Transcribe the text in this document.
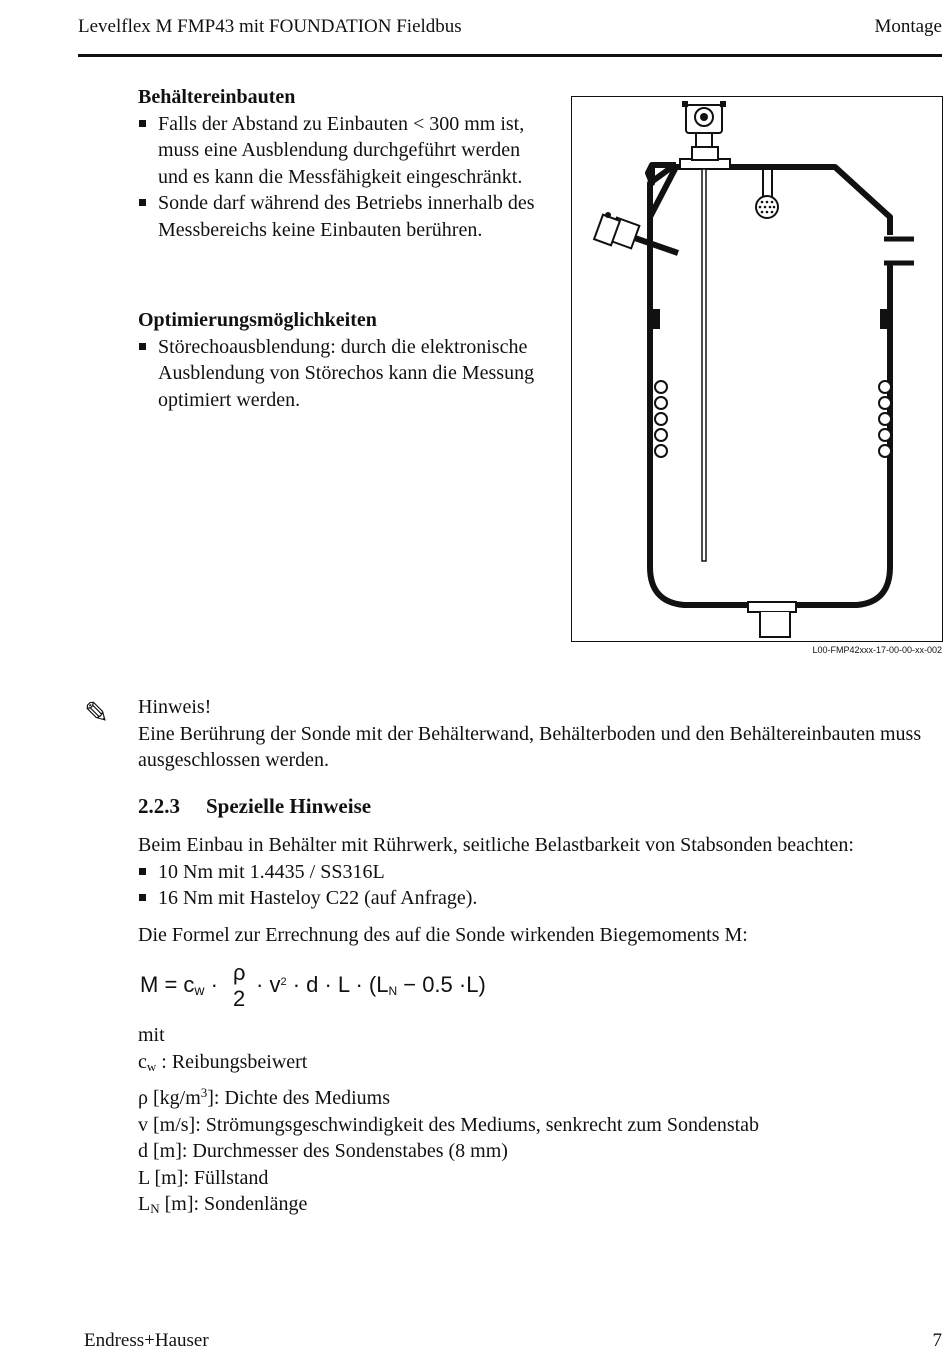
Levelflex M FMP43 mit FOUNDATION Fieldbus	Montage
Behältereinbauten
Falls der Abstand zu Einbauten < 300 mm ist, muss eine Ausblendung durchgeführt werden und es kann die Messfähigkeit eingeschränkt.
Sonde darf während des Betriebs innerhalb des Messbereichs keine Einbauten berühren.
Optimierungsmöglichkeiten
Störechoausblendung: durch die elektronische Ausblendung von Störechos kann die Messung optimiert werden.
L00-FMP42xxx-17-00-00-xx-002
✎ Hinweis!
Eine Berührung der Sonde mit der Behälterwand, Behälterboden und den Behältereinbauten muss ausgeschlossen werden.
2.2.3 Spezielle Hinweise
Beim Einbau in Behälter mit Rührwerk, seitliche Belastbarkeit von Stabsonden beachten:
10 Nm mit 1.4435 / SS316L
16 Nm mit Hasteloy C22 (auf Anfrage).
Die Formel zur Errechnung des auf die Sonde wirkenden Biegemoments M:
$M = c_w \cdot \rho$
2
· $v^2 \cdot d \cdot L \cdot (L_N - 0.5 \cdot L)$
mit
$c_w$ : Reibungsbeiwert
ρ $[kg/m^3]$: Dichte des Mediums
v [m/s]: Strömungsgeschwindigkeit des Mediums, senkrecht zum Sondenstab
d [m]: Durchmesser des Sondenstabes (8 mm)
L [m]: Füllstand
$L_N$ [m]: Sondenlänge
Endress+Hauser	7
